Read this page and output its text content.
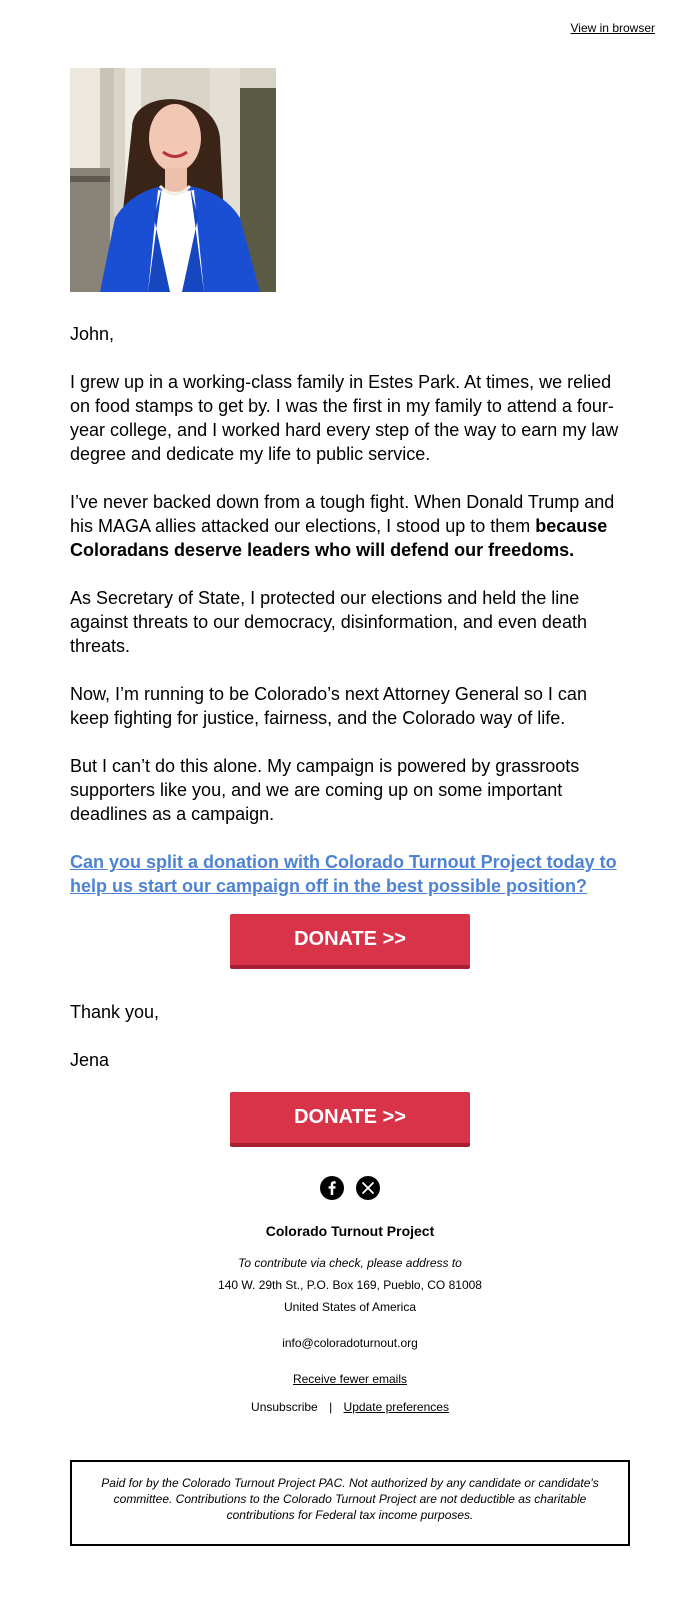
View in browser

John,

I grew up in a working-class family in Estes Park. At times, we relied on food stamps to get by. I was the first in my family to attend a four-year college, and I worked hard every step of the way to earn my law degree and dedicate my life to public service.

I’ve never backed down from a tough fight. When Donald Trump and his MAGA allies attacked our elections, I stood up to them because Coloradans deserve leaders who will defend our freedoms.

As Secretary of State, I protected our elections and held the line against threats to our democracy, disinformation, and even death threats.

Now, I’m running to be Colorado’s next Attorney General so I can keep fighting for justice, fairness, and the Colorado way of life.

But I can’t do this alone. My campaign is powered by grassroots supporters like you, and we are coming up on some important deadlines as a campaign.

Can you split a donation with Colorado Turnout Project today to help us start our campaign off in the best possible position?
DONATE >>

Thank you,

Jena

DONATE >>

Colorado Turnout Project
To contribute via check, please address to
140 W. 29th St., P.O. Box 169, Pueblo, CO 81008
United States of America
info@coloradoturnout.org
Receive fewer emails
Unsubscribe | Update preferences
Paid for by the Colorado Turnout Project PAC. Not authorized by any candidate or candidate's committee. Contributions to the Colorado Turnout Project are not deductible as charitable contributions for Federal tax income purposes.
